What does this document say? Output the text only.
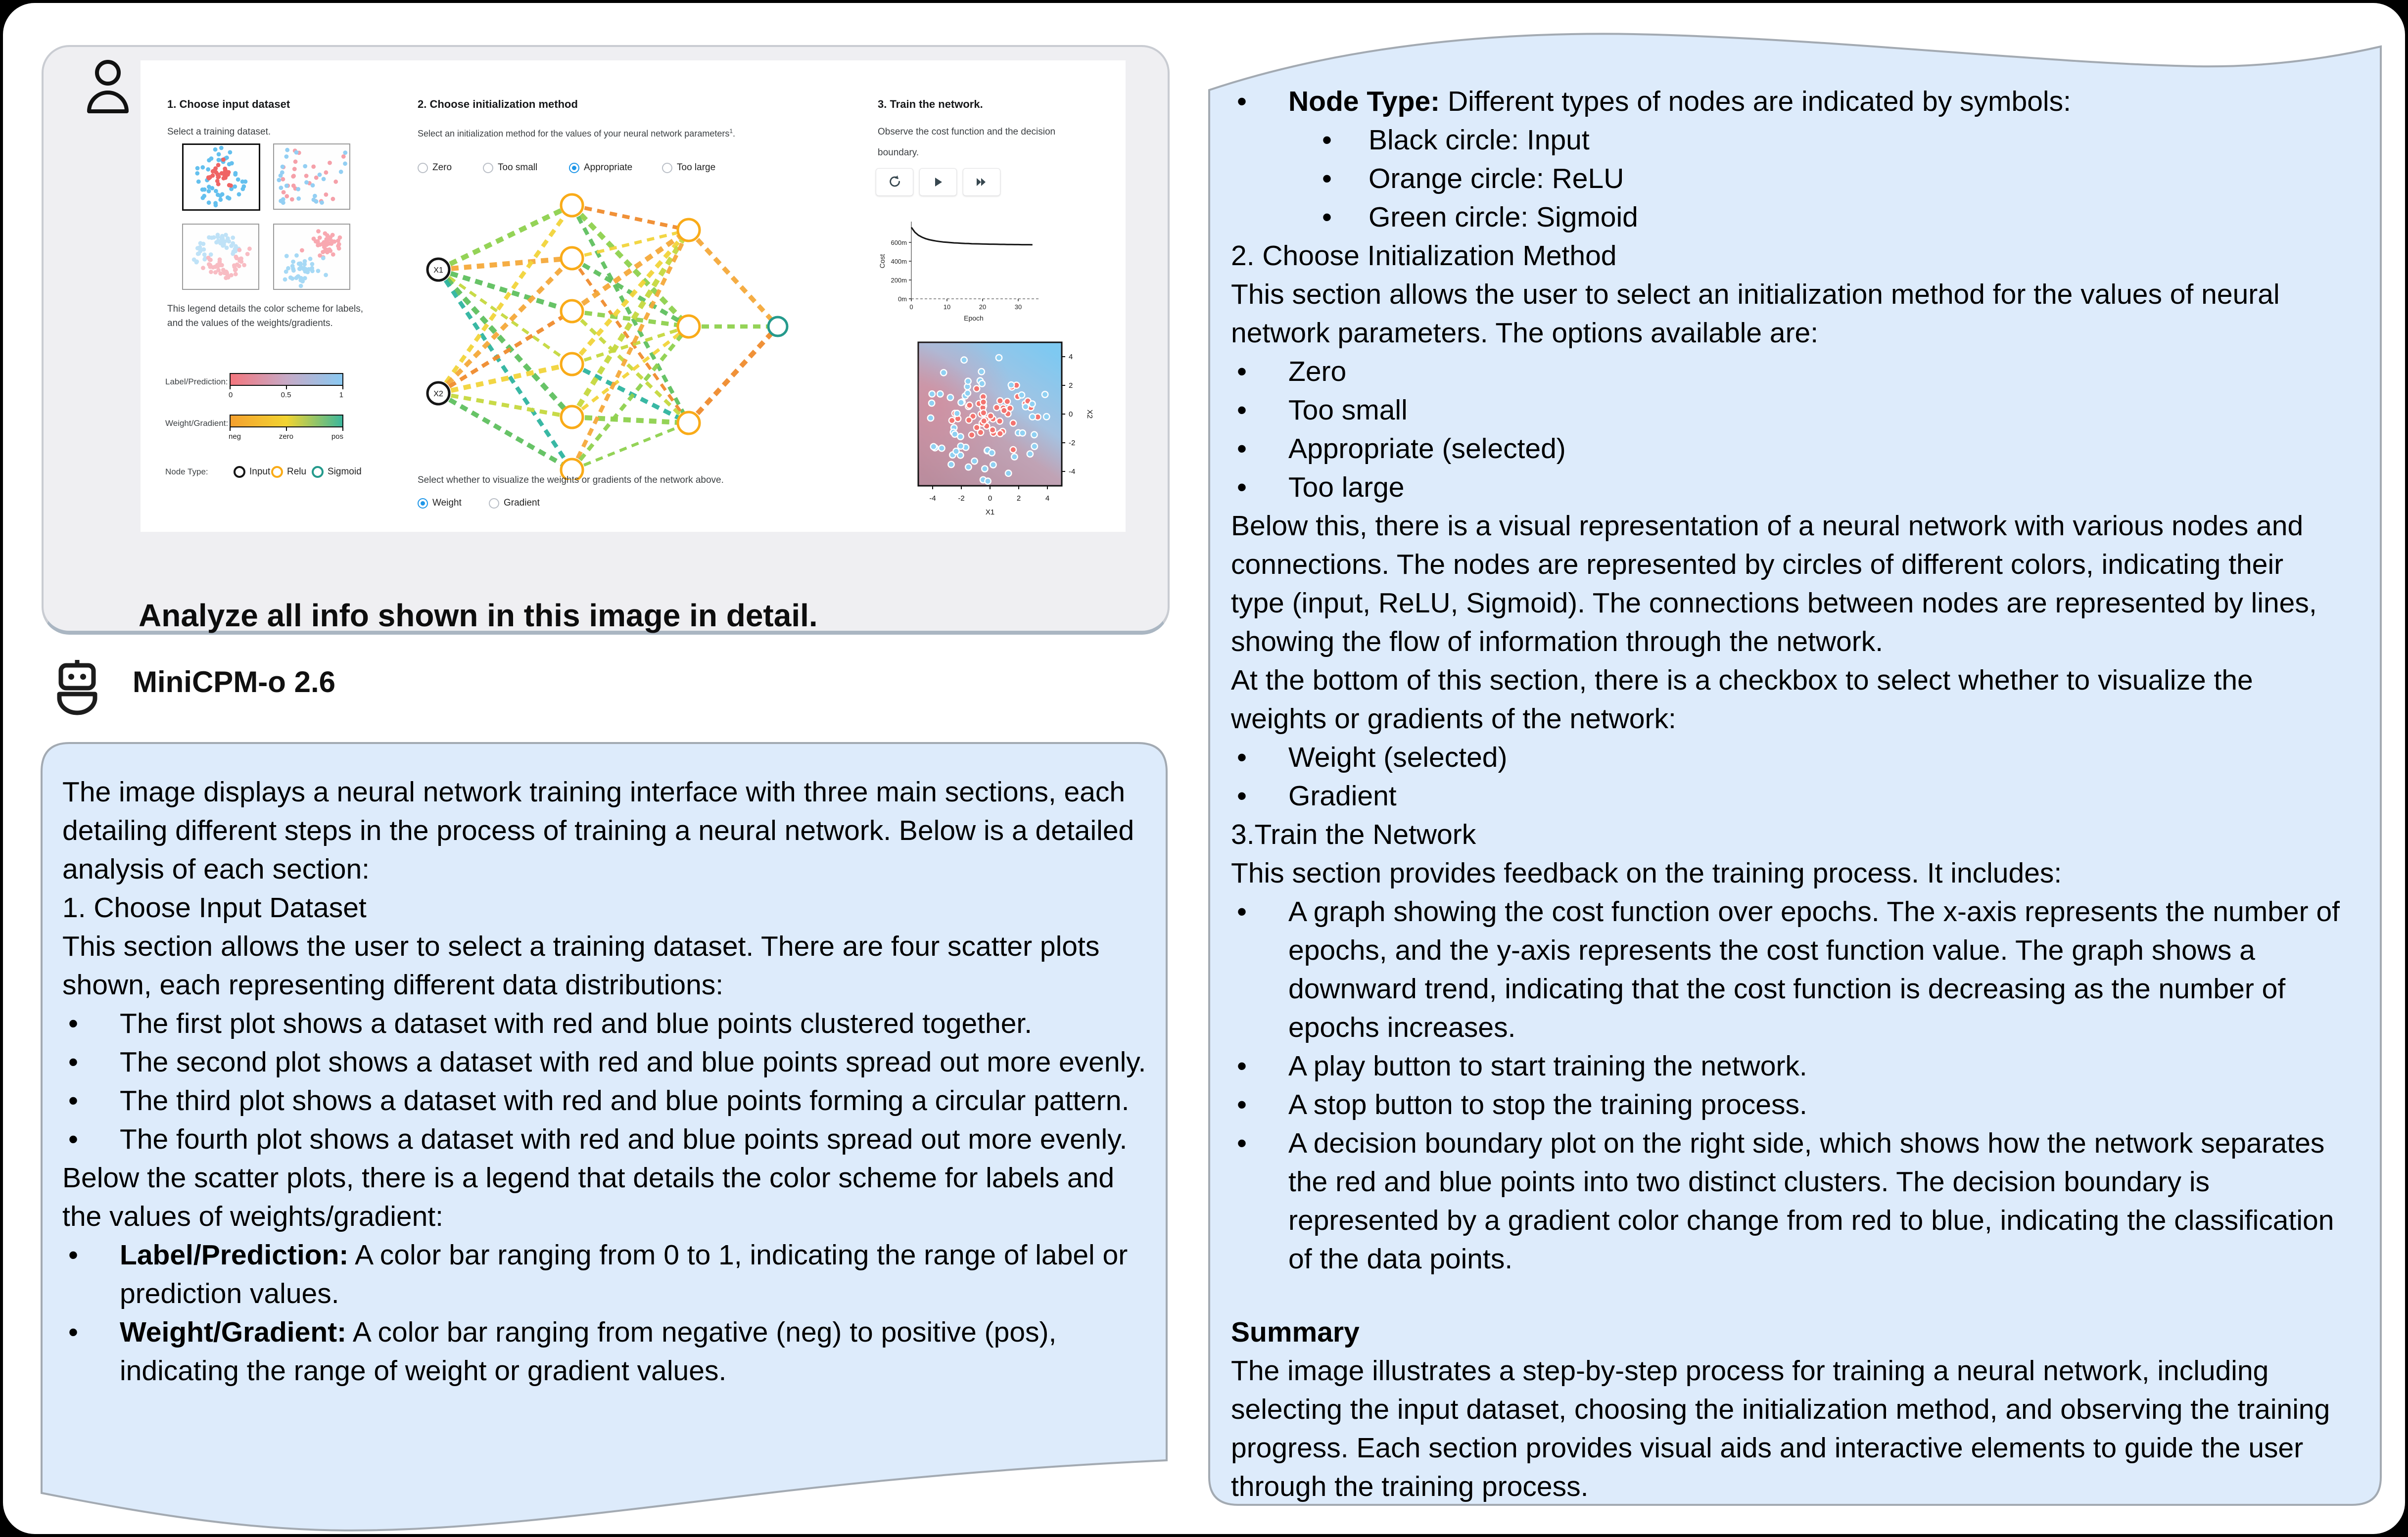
1. Choose input dataset
Select a training dataset.
This legend details the color scheme for labels,
and the values of the weights/gradients.
Label/Prediction:
0	0.5	1
Weight/Gradient:
neg	zero	pos
Node Type:	Input Relu Sigmoid
2. Choose initialization method
Select an initialization method for the values of your neural network parameters$^1$.
Zero	Too small	Appropriate	Too large
X1
X2
Select whether to visualize the weights or gradients of the network above.
Weight	Gradient
3. Train the network.
Observe the cost function and the decision
boundary.
0m
200m
400m
600m
0	10	20	30
Epoch
Cost
-4	-2	0	2	4
X1
4
2
0
-2
-4
X2
Analyze all info shown in this image in detail.
MiniCPM-o 2.6
The image displays a neural network training interface with three main sections, each detailing different steps in the process of training a neural network. Below is a detailed analysis of each section:
1. Choose Input Dataset
This section allows the user to select a training dataset. There are four scatter plots shown, each representing different data distributions:
• The first plot shows a dataset with red and blue points clustered together.
• The second plot shows a dataset with red and blue points spread out more evenly.
• The third plot shows a dataset with red and blue points forming a circular pattern.
• The fourth plot shows a dataset with red and blue points spread out more evenly.
Below the scatter plots, there is a legend that details the color scheme for labels and the values of weights/gradient:
• Label/Prediction: A color bar ranging from 0 to 1, indicating the range of label or prediction values.
• Weight/Gradient: A color bar ranging from negative (neg) to positive (pos), indicating the range of weight or gradient values.
• Node Type: Different types of nodes are indicated by symbols:
• Black circle: Input
• Orange circle: ReLU
• Green circle: Sigmoid
2. Choose Initialization Method
This section allows the user to select an initialization method for the values of neural network parameters. The options available are:
• Zero
• Too small
• Appropriate (selected)
• Too large
Below this, there is a visual representation of a neural network with various nodes and connections. The nodes are represented by circles of different colors, indicating their type (input, ReLU, Sigmoid). The connections between nodes are represented by lines, showing the flow of information through the network.
At the bottom of this section, there is a checkbox to select whether to visualize the weights or gradients of the network:
• Weight (selected)
• Gradient
3.Train the Network
This section provides feedback on the training process. It includes:
• A graph showing the cost function over epochs. The x-axis represents the number of epochs, and the y-axis represents the cost function value. The graph shows a downward trend, indicating that the cost function is decreasing as the number of epochs increases.
• A play button to start training the network.
• A stop button to stop the training process.
• A decision boundary plot on the right side, which shows how the network separates the red and blue points into two distinct clusters. The decision boundary is represented by a gradient color change from red to blue, indicating the classification of the data points.
Summary
The image illustrates a step-by-step process for training a neural network, including selecting the input dataset, choosing the initialization method, and observing the training progress. Each section provides visual aids and interactive elements to guide the user through the training process.
